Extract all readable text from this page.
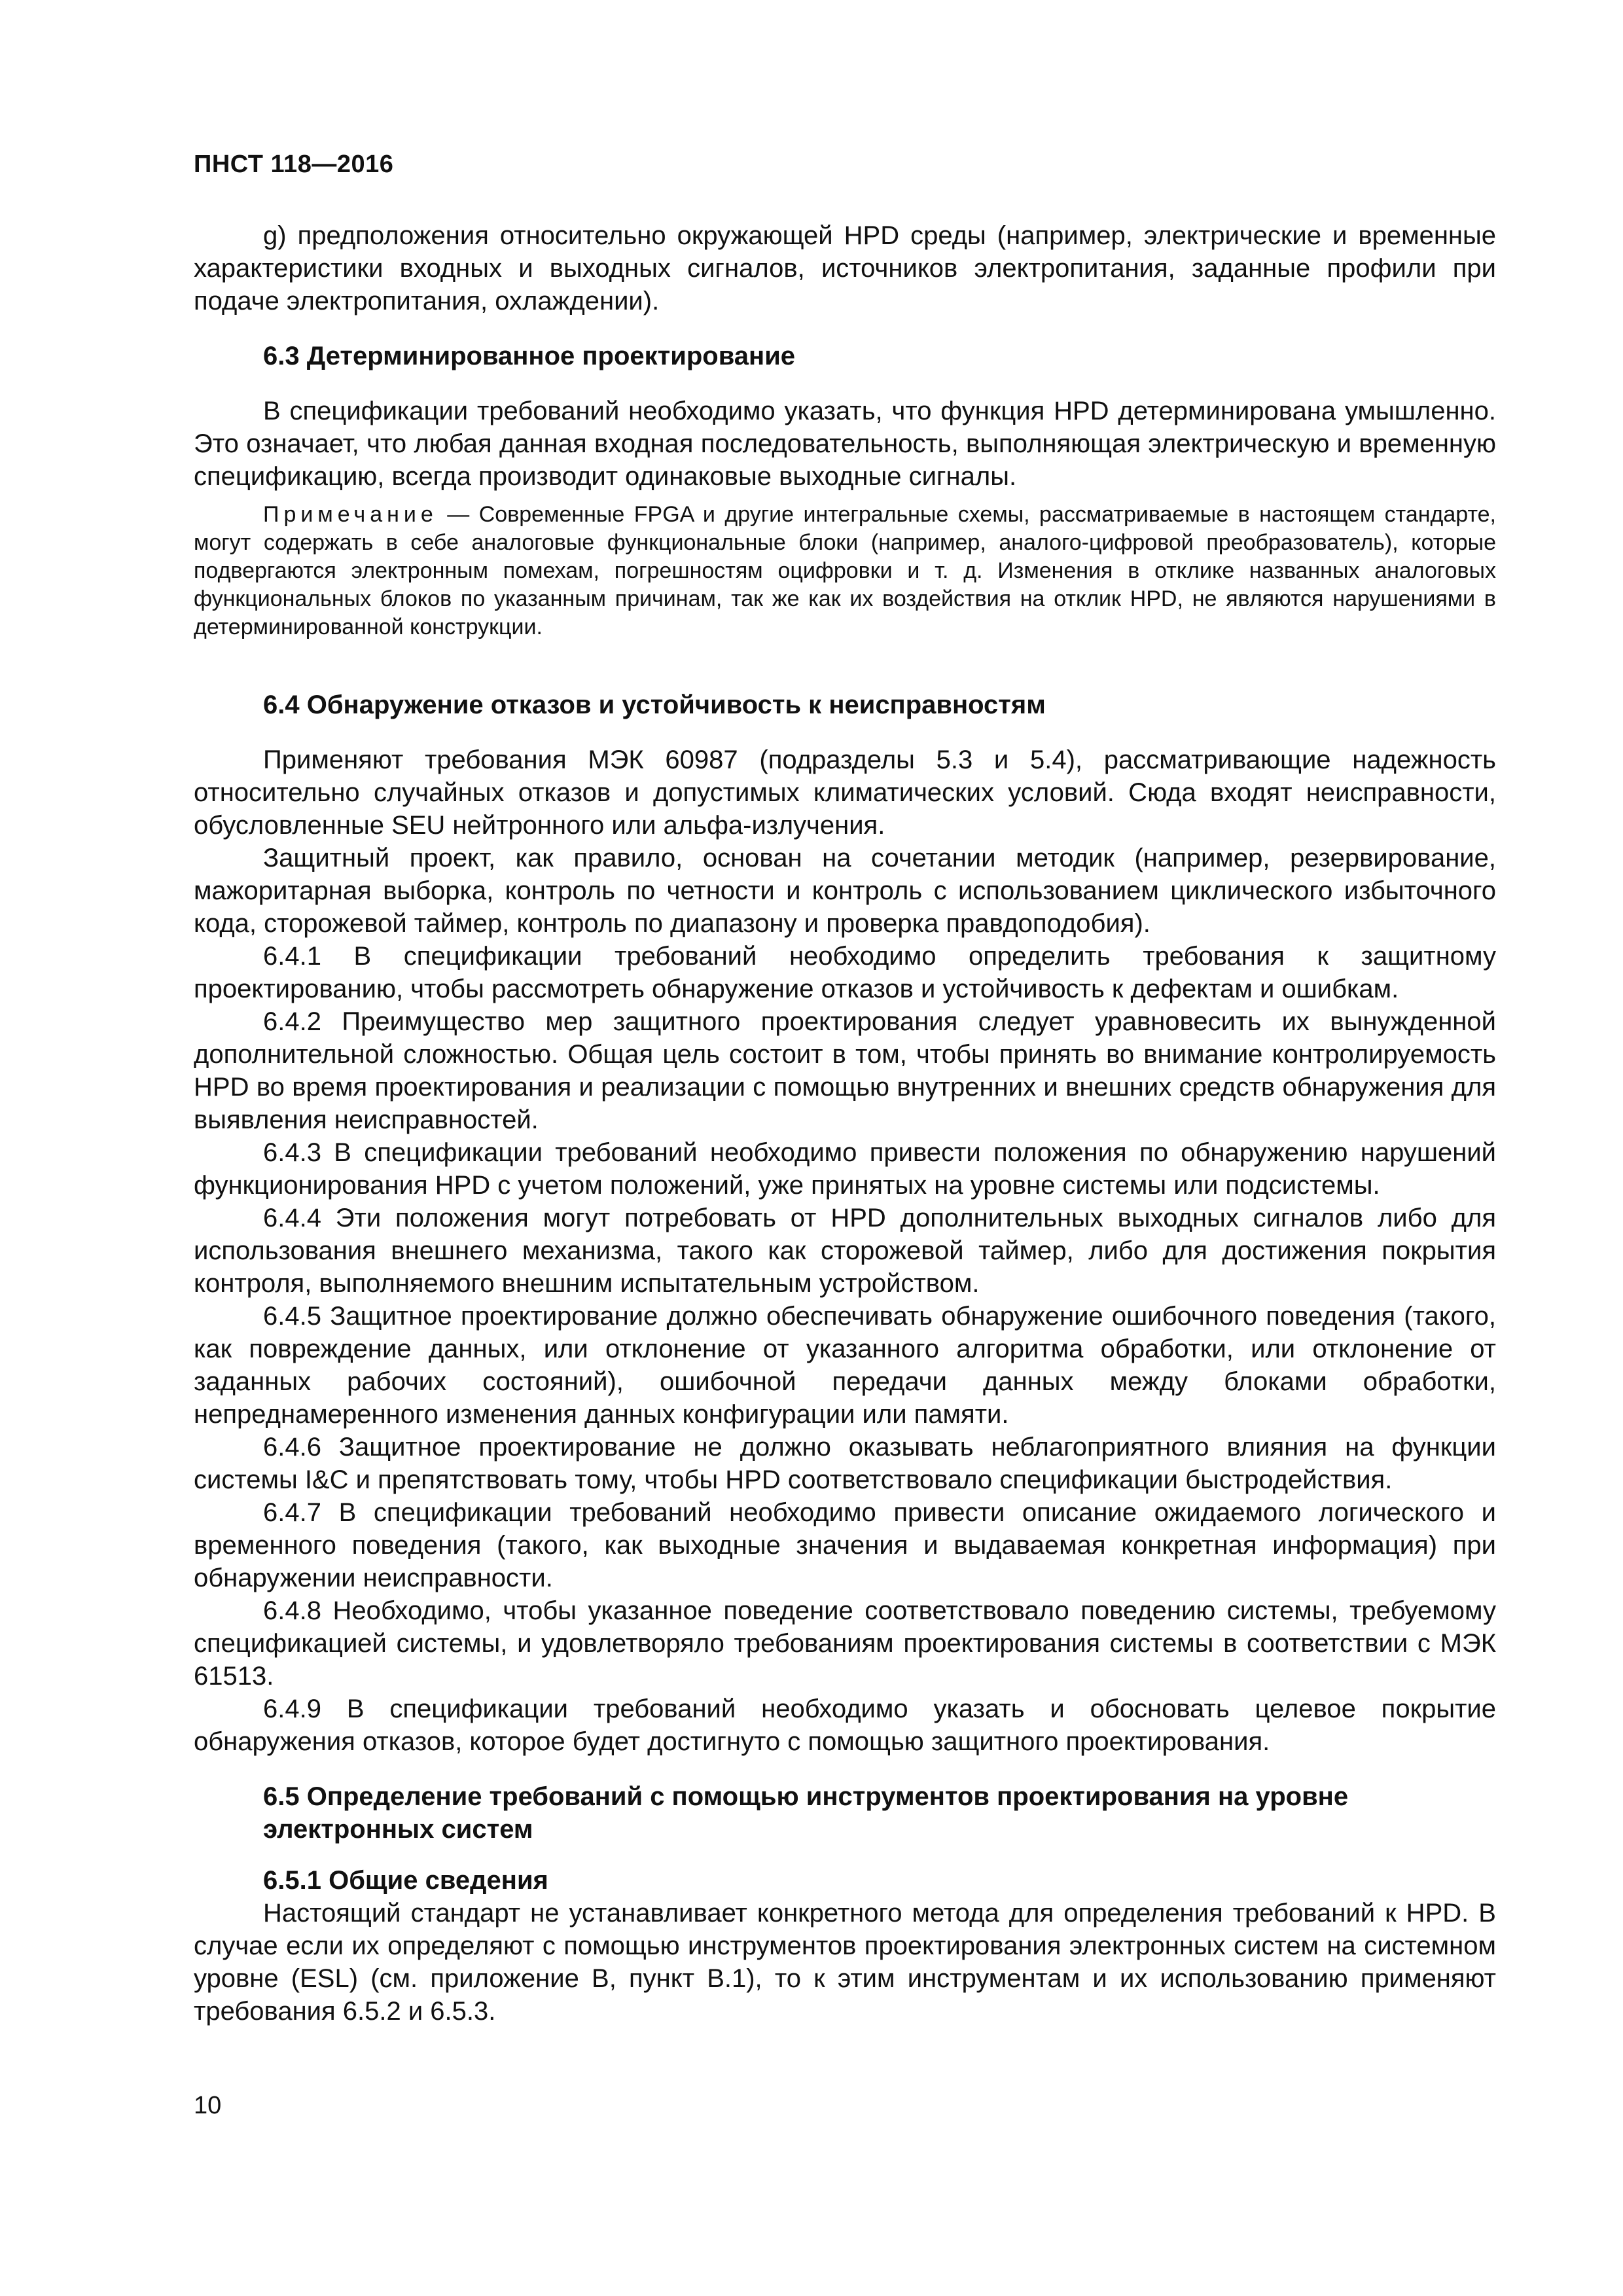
ПНСТ 118—2016

g) предположения относительно окружающей HPD среды (например, электрические и временные характеристики входных и выходных сигналов, источников электропитания, заданные профили при подаче электропитания, охлаждении).

6.3 Детерминированное проектирование

В спецификации требований необходимо указать, что функция HPD детерминирована умышленно. Это означает, что любая данная входная последовательность, выполняющая электрическую и временную спецификацию, всегда производит одинаковые выходные сигналы.

Примечание — Современные FPGA и другие интегральные схемы, рассматриваемые в настоящем стандарте, могут содержать в себе аналоговые функциональные блоки (например, аналого-цифровой преобразователь), которые подвергаются электронным помехам, погрешностям оцифровки и т. д. Изменения в отклике названных аналоговых функциональных блоков по указанным причинам, так же как их воздействия на отклик HPD, не являются нарушениями в детерминированной конструкции.

6.4 Обнаружение отказов и устойчивость к неисправностям

Применяют требования МЭК 60987 (подразделы 5.3 и 5.4), рассматривающие надежность относительно случайных отказов и допустимых климатических условий. Сюда входят неисправности, обусловленные SEU нейтронного или альфа-излучения.

Защитный проект, как правило, основан на сочетании методик (например, резервирование, мажоритарная выборка, контроль по четности и контроль с использованием циклического избыточного кода, сторожевой таймер, контроль по диапазону и проверка правдоподобия).

6.4.1 В спецификации требований необходимо определить требования к защитному проектированию, чтобы рассмотреть обнаружение отказов и устойчивость к дефектам и ошибкам.

6.4.2 Преимущество мер защитного проектирования следует уравновесить их вынужденной дополнительной сложностью. Общая цель состоит в том, чтобы принять во внимание контролируемость HPD во время проектирования и реализации с помощью внутренних и внешних средств обнаружения для выявления неисправностей.

6.4.3 В спецификации требований необходимо привести положения по обнаружению нарушений функционирования HPD с учетом положений, уже принятых на уровне системы или подсистемы.

6.4.4 Эти положения могут потребовать от HPD дополнительных выходных сигналов либо для использования внешнего механизма, такого как сторожевой таймер, либо для достижения покрытия контроля, выполняемого внешним испытательным устройством.

6.4.5 Защитное проектирование должно обеспечивать обнаружение ошибочного поведения (такого, как повреждение данных, или отклонение от указанного алгоритма обработки, или отклонение от заданных рабочих состояний), ошибочной передачи данных между блоками обработки, непреднамеренного изменения данных конфигурации или памяти.

6.4.6 Защитное проектирование не должно оказывать неблагоприятного влияния на функции системы I&C и препятствовать тому, чтобы HPD соответствовало спецификации быстродействия.

6.4.7 В спецификации требований необходимо привести описание ожидаемого логического и временного поведения (такого, как выходные значения и выдаваемая конкретная информация) при обнаружении неисправности.

6.4.8 Необходимо, чтобы указанное поведение соответствовало поведению системы, требуемому спецификацией системы, и удовлетворяло требованиям проектирования системы в соответствии с МЭК 61513.

6.4.9 В спецификации требований необходимо указать и обосновать целевое покрытие обнаружения отказов, которое будет достигнуто с помощью защитного проектирования.

6.5 Определение требований с помощью инструментов проектирования на уровне

электронных систем

6.5.1 Общие сведения

Настоящий стандарт не устанавливает конкретного метода для определения требований к HPD. В случае если их определяют с помощью инструментов проектирования электронных систем на системном уровне (ESL) (см. приложение B, пункт B.1), то к этим инструментам и их использованию применяют требования 6.5.2 и 6.5.3.

10
